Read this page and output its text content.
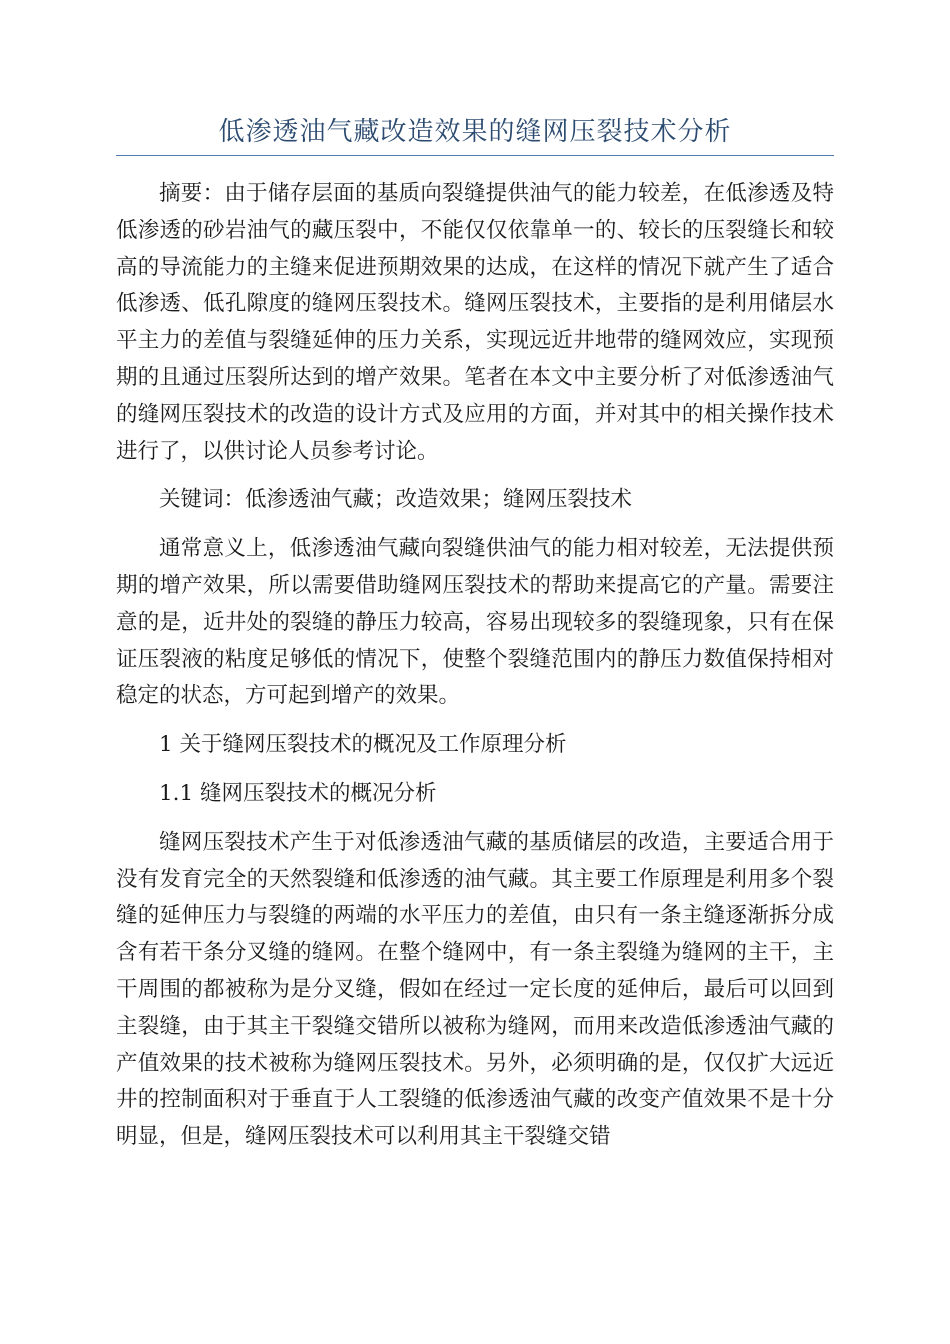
低渗透油气藏改造效果的缝网压裂技术分析

摘要：由于储存层面的基质向裂缝提供油气的能力较差，在低渗透及特低渗透的砂岩油气的藏压裂中，不能仅仅依靠单一的、较长的压裂缝长和较高的导流能力的主缝来促进预期效果的达成，在这样的情况下就产生了适合低渗透、低孔隙度的缝网压裂技术。缝网压裂技术，主要指的是利用储层水平主力的差值与裂缝延伸的压力关系，实现远近井地带的缝网效应，实现预期的且通过压裂所达到的增产效果。笔者在本文中主要分析了对低渗透油气的缝网压裂技术的改造的设计方式及应用的方面，并对其中的相关操作技术进行了，以供讨论人员参考讨论。

关键词：低渗透油气藏；改造效果；缝网压裂技术

通常意义上，低渗透油气藏向裂缝供油气的能力相对较差，无法提供预期的增产效果，所以需要借助缝网压裂技术的帮助来提高它的产量。需要注意的是，近井处的裂缝的静压力较高，容易出现较多的裂缝现象，只有在保证压裂液的粘度足够低的情况下，使整个裂缝范围内的静压力数值保持相对稳定的状态，方可起到增产的效果。

1 关于缝网压裂技术的概况及工作原理分析

1.1 缝网压裂技术的概况分析

缝网压裂技术产生于对低渗透油气藏的基质储层的改造，主要适合用于没有发育完全的天然裂缝和低渗透的油气藏。其主要工作原理是利用多个裂缝的延伸压力与裂缝的两端的水平压力的差值，由只有一条主缝逐渐拆分成含有若干条分叉缝的缝网。在整个缝网中，有一条主裂缝为缝网的主干，主干周围的都被称为是分叉缝，假如在经过一定长度的延伸后，最后可以回到主裂缝，由于其主干裂缝交错所以被称为缝网，而用来改造低渗透油气藏的产值效果的技术被称为缝网压裂技术。另外，必须明确的是，仅仅扩大远近井的控制面积对于垂直于人工裂缝的低渗透油气藏的改变产值效果不是十分明显，但是，缝网压裂技术可以利用其主干裂缝交错
